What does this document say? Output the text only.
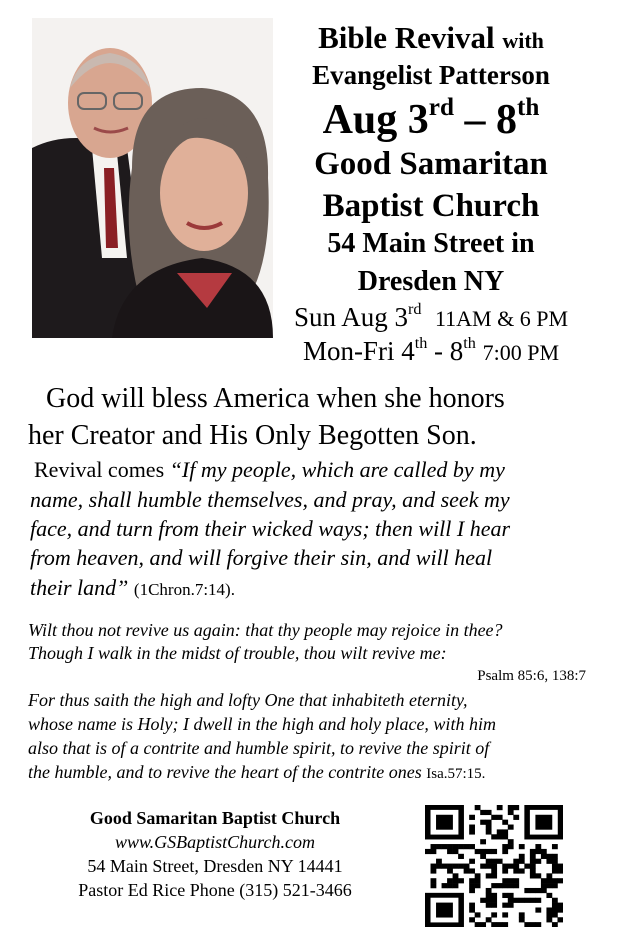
Bible Revival with
Evangelist Patterson
Aug 3rd – 8th
Good Samaritan
Baptist Church
54 Main Street in
Dresden NY
Sun Aug 3rd 11AM & 6 PM
Mon-Fri 4th - 8th 7:00 PM
God will bless America when she honors
her Creator and His Only Begotten Son.
Revival comes “If my people, which are called by my
name, shall humble themselves, and pray, and seek my
face, and turn from their wicked ways; then will I hear
from heaven, and will forgive their sin, and will heal
their land” (1Chron.7:14).
Wilt thou not revive us again: that thy people may rejoice in thee?
Though I walk in the midst of trouble, thou wilt revive me:
Psalm 85:6, 138:7
For thus saith the high and lofty One that inhabiteth eternity,
whose name is Holy; I dwell in the high and holy place, with him
also that is of a contrite and humble spirit, to revive the spirit of
the humble, and to revive the heart of the contrite ones Isa.57:15.
Good Samaritan Baptist Church
www.GSBaptistChurch.com
54 Main Street, Dresden NY 14441
Pastor Ed Rice Phone (315) 521-3466
